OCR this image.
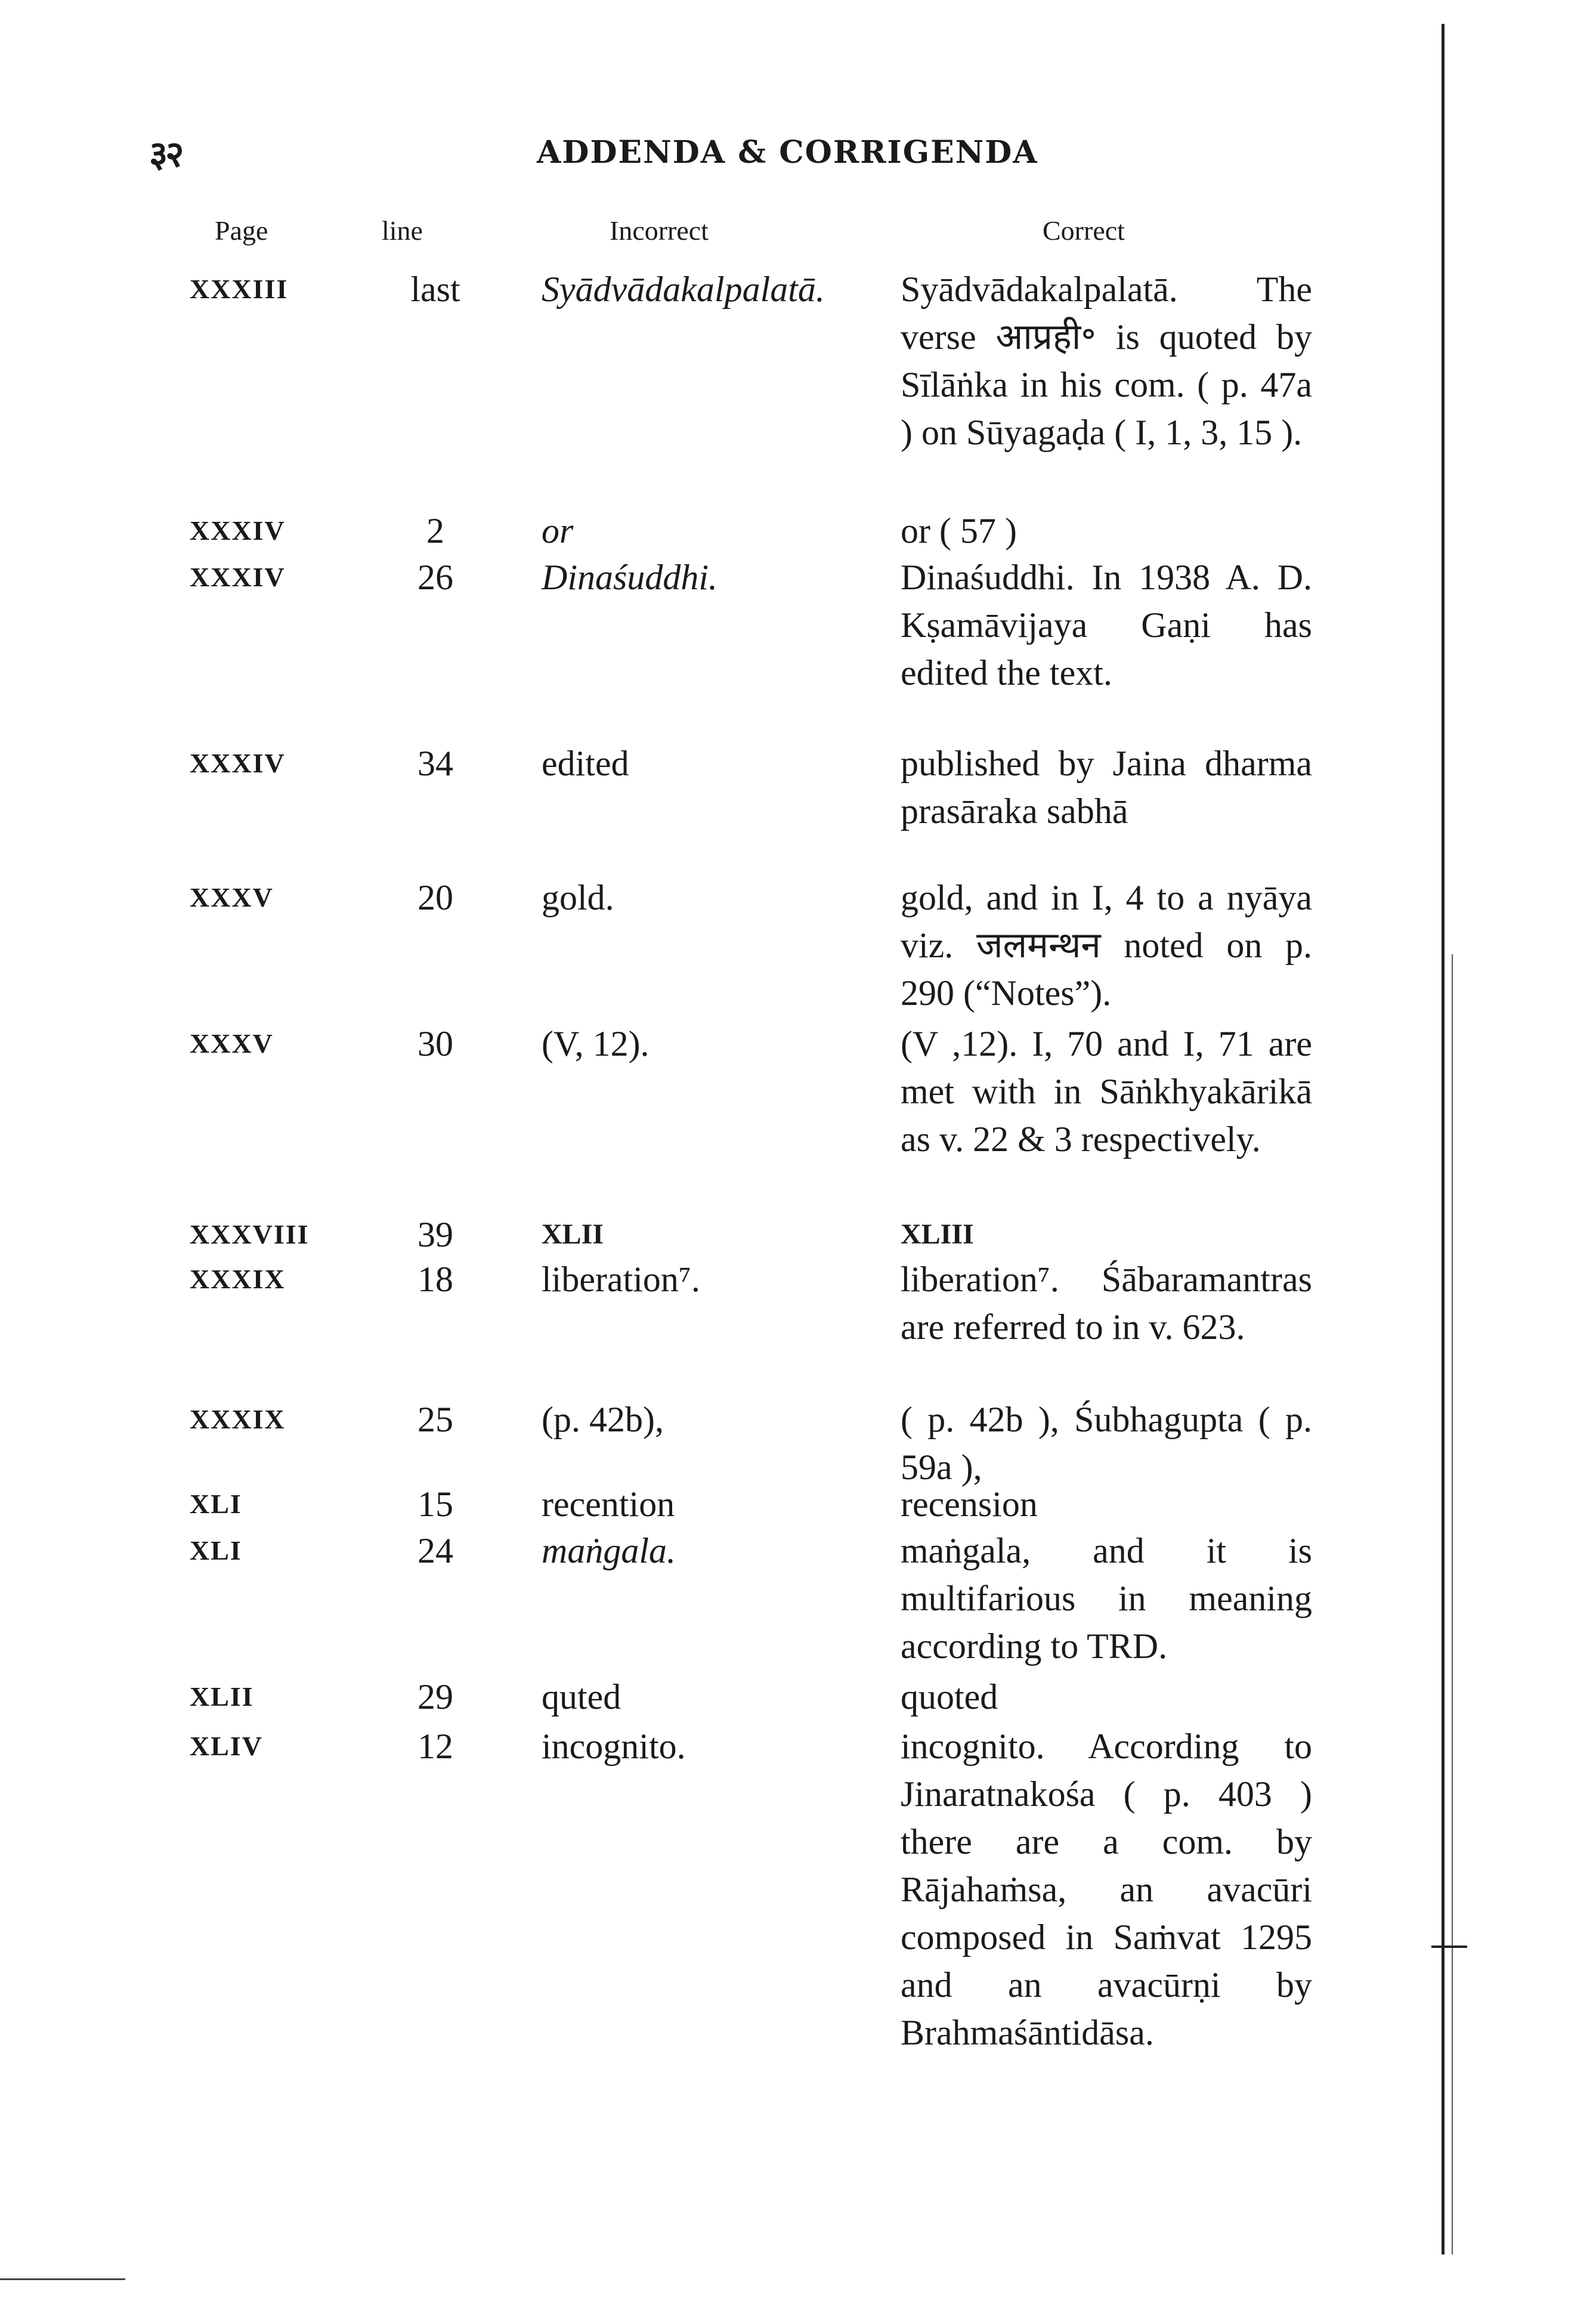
३२	ADDENDA & CORRIGENDA
Page	line	Incorrect	Correct
XXXIII	last	Syādvādakalpalatā.	Syādvādakalpalatā. The verse आप्रही॰ is quoted by Sīlāṅka in his com. ( p. 47a ) on Sūyagaḍa ( I, 1, 3, 15 ).
XXXIV	2	or	or ( 57 )
XXXIV	26	Dinaśuddhi.	Dinaśuddhi. In 1938 A. D. Kṣamāvijaya Gaṇi has edited the text.
XXXIV	34	edited	published by Jaina dharma prasāraka sabhā
XXXV	20	gold.	gold, and in I, 4 to a nyāya viz. जलमन्थन noted on p. 290 (“Notes”).
XXXV	30	(V, 12).	(V ,12). I, 70 and I, 71 are met with in Sāṅkhyakārikā as v. 22 & 3 respectively.
XXXVIII	39	XLII	XLIII
XXXIX	18	liberation⁷.	liberation⁷. Śābaramantras are referred to in v. 623.
XXXIX	25	(p. 42b),	( p. 42b ), Śubhagupta ( p. 59a ),
XLI	15	recention	recension
XLI	24	maṅgala.	maṅgala, and it is multifarious in meaning according to TRD.
XLII	29	quted	quoted
XLIV	12	incognito.	incognito. According to Jinaratnakośa ( p. 403 ) there are a com. by Rājahaṁsa, an avacūri composed in Saṁvat 1295 and an avacūrṇi by Brahmaśāntidāsa.
